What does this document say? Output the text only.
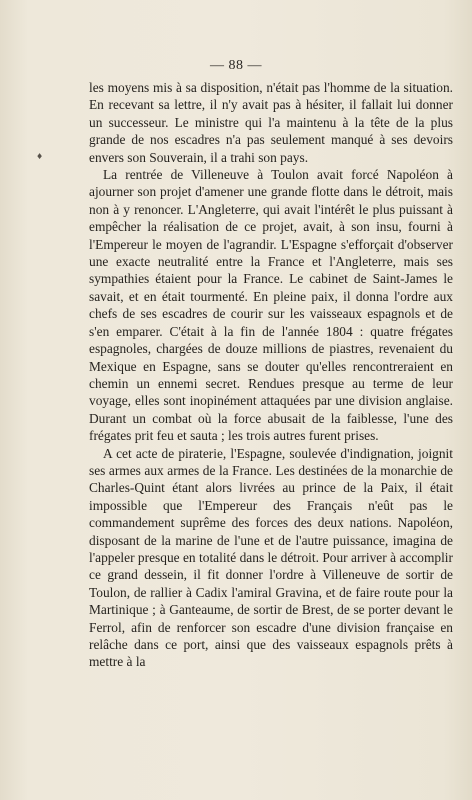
— 88 —
♦

les moyens mis à sa disposition, n'était pas l'homme de la situation. En recevant sa lettre, il n'y avait pas à hésiter, il fallait lui donner un successeur. Le ministre qui l'a maintenu à la tête de la plus grande de nos escadres n'a pas seulement manqué à ses devoirs envers son Souverain, il a trahi son pays.

La rentrée de Villeneuve à Toulon avait forcé Napoléon à ajourner son projet d'amener une grande flotte dans le détroit, mais non à y renoncer. L'Angleterre, qui avait l'intérêt le plus puissant à empêcher la réalisation de ce projet, avait, à son insu, fourni à l'Empereur le moyen de l'agrandir. L'Espagne s'efforçait d'observer une exacte neutralité entre la France et l'Angleterre, mais ses sympathies étaient pour la France. Le cabinet de Saint-James le savait, et en était tourmenté. En pleine paix, il donna l'ordre aux chefs de ses escadres de courir sur les vaisseaux espagnols et de s'en emparer. C'était à la fin de l'année 1804 : quatre frégates espagnoles, chargées de douze millions de piastres, revenaient du Mexique en Espagne, sans se douter qu'elles rencontreraient en chemin un ennemi secret. Rendues presque au terme de leur voyage, elles sont inopinément attaquées par une division anglaise. Durant un combat où la force abusait de la faiblesse, l'une des frégates prit feu et sauta ; les trois autres furent prises.

A cet acte de piraterie, l'Espagne, soulevée d'indignation, joignit ses armes aux armes de la France. Les destinées de la monarchie de Charles-Quint étant alors livrées au prince de la Paix, il était impossible que l'Empereur des Français n'eût pas le commandement suprême des forces des deux nations. Napoléon, disposant de la marine de l'une et de l'autre puissance, imagina de l'appeler presque en totalité dans le détroit. Pour arriver à accomplir ce grand dessein, il fit donner l'ordre à Villeneuve de sortir de Toulon, de rallier à Cadix l'amiral Gravina, et de faire route pour la Martinique ; à Ganteaume, de sortir de Brest, de se porter devant le Ferrol, afin de renforcer son escadre d'une division française en relâche dans ce port, ainsi que des vaisseaux espagnols prêts à mettre à la
